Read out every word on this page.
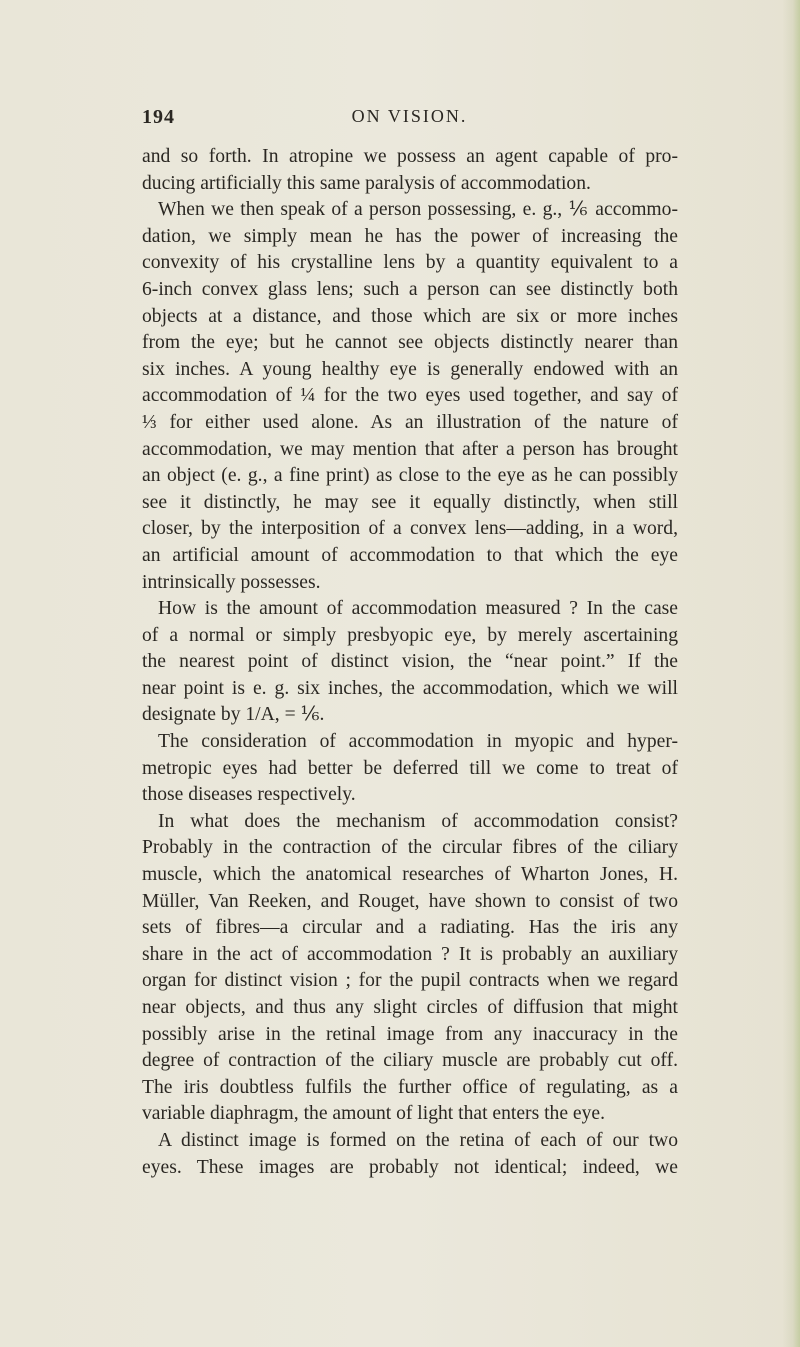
194	ON VISION.
and so forth. In atropine we possess an agent capable of pro-
ducing artificially this same paralysis of accommodation.
When we then speak of a person possessing, e. g., ⅙ accommo-
dation, we simply mean he has the power of increasing the
convexity of his crystalline lens by a quantity equivalent to a
6-inch convex glass lens; such a person can see distinctly both
objects at a distance, and those which are six or more inches
from the eye; but he cannot see objects distinctly nearer than
six inches. A young healthy eye is generally endowed with an
accommodation of ¼ for the two eyes used together, and say of
⅓ for either used alone. As an illustration of the nature of
accommodation, we may mention that after a person has brought
an object (e. g., a fine print) as close to the eye as he can possibly
see it distinctly, he may see it equally distinctly, when still
closer, by the interposition of a convex lens—adding, in a word,
an artificial amount of accommodation to that which the eye
intrinsically possesses.
How is the amount of accommodation measured ? In the case
of a normal or simply presbyopic eye, by merely ascertaining
the nearest point of distinct vision, the “near point.” If the
near point is e. g. six inches, the accommodation, which we will
designate by 1/A, = ⅙.
The consideration of accommodation in myopic and hyper-
metropic eyes had better be deferred till we come to treat of
those diseases respectively.
In what does the mechanism of accommodation consist?
Probably in the contraction of the circular fibres of the ciliary
muscle, which the anatomical researches of Wharton Jones, H.
Müller, Van Reeken, and Rouget, have shown to consist of two
sets of fibres—a circular and a radiating. Has the iris any
share in the act of accommodation ? It is probably an auxiliary
organ for distinct vision ; for the pupil contracts when we regard
near objects, and thus any slight circles of diffusion that might
possibly arise in the retinal image from any inaccuracy in the
degree of contraction of the ciliary muscle are probably cut off.
The iris doubtless fulfils the further office of regulating, as a
variable diaphragm, the amount of light that enters the eye.
A distinct image is formed on the retina of each of our two
eyes. These images are probably not identical; indeed, we
